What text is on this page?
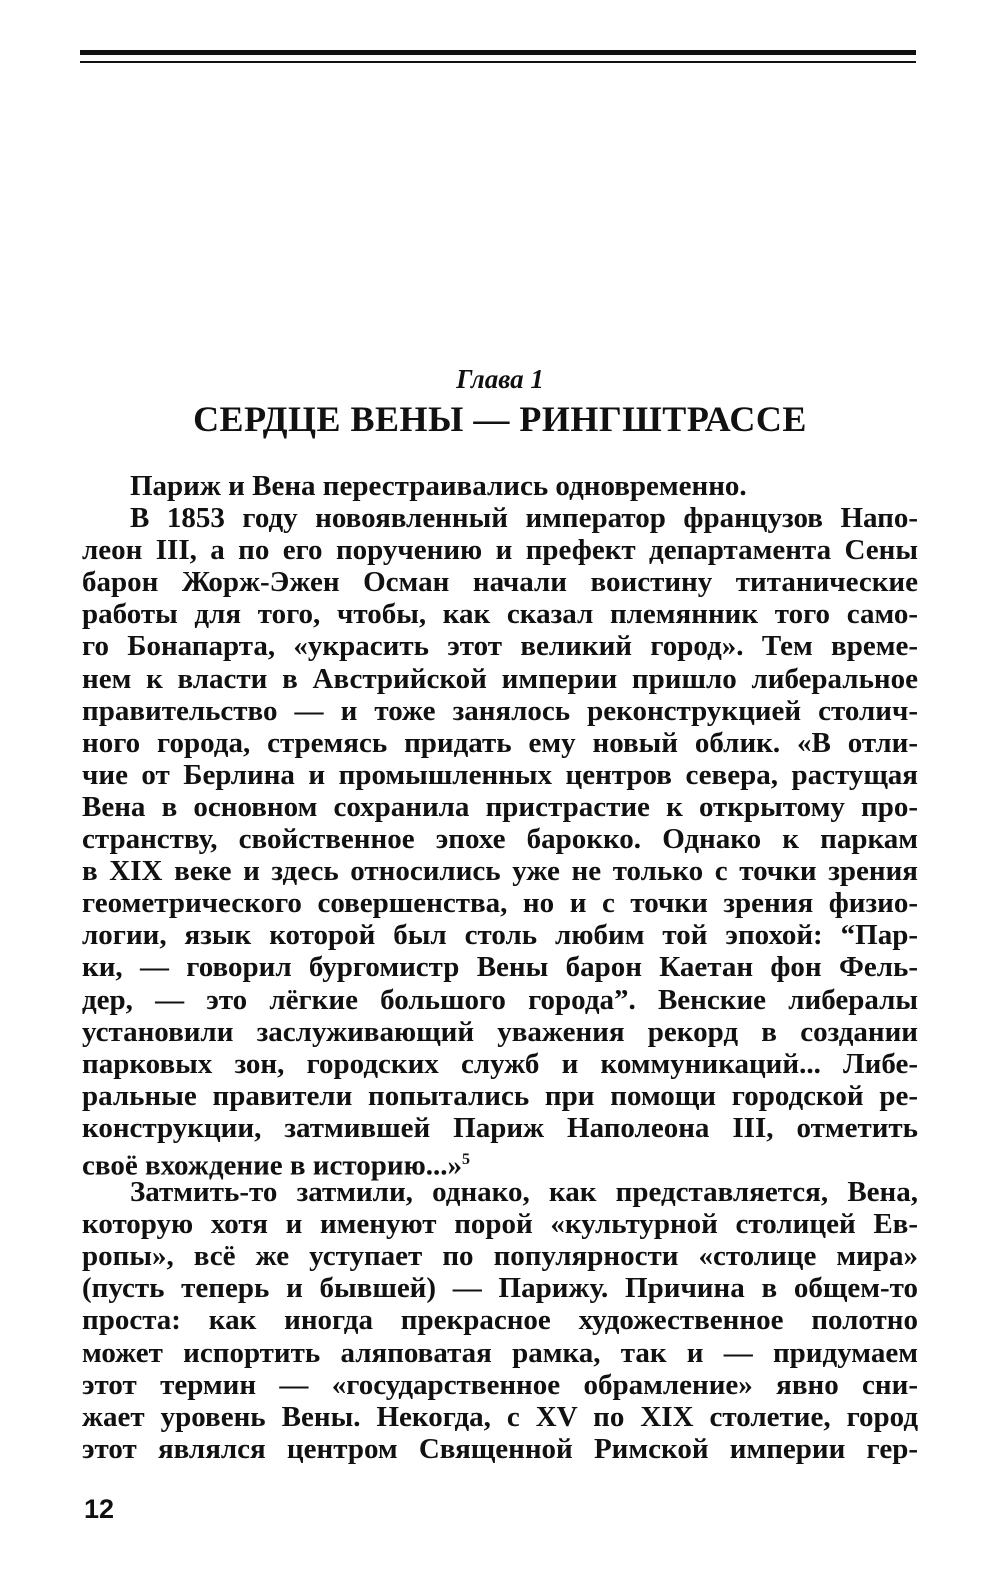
Глава 1
СЕРДЦЕ ВЕНЫ — РИНГШТРАССЕ
Париж и Вена перестраивались одновременно.
В 1853 году новоявленный император французов Напо-
леон III, а по его поручению и префект департамента Сены
барон Жорж-Эжен Осман начали воистину титанические
работы для того, чтобы, как сказал племянник того само-
го Бонапарта, «украсить этот великий город». Тем време-
нем к власти в Австрийской империи пришло либеральное
правительство — и тоже занялось реконструкцией столич-
ного города, стремясь придать ему новый облик. «В отли-
чие от Берлина и промышленных центров севера, растущая
Вена в основном сохранила пристрастие к открытому про-
странству, свойственное эпохе барокко. Однако к паркам
в XIX веке и здесь относились уже не только с точки зрения
геометрического совершенства, но и с точки зрения физио-
логии, язык которой был столь любим той эпохой: “Пар-
ки, — говорил бургомистр Вены барон Каетан фон Фель-
дер, — это лёгкие большого города”. Венские либералы
установили заслуживающий уважения рекорд в создании
парковых зон, городских служб и коммуникаций... Либе-
ральные правители попытались при помощи городской ре-
конструкции, затмившей Париж Наполеона III, отметить
своё вхождение в историю...»$^5$
Затмить-то затмили, однако, как представляется, Вена,
которую хотя и именуют порой «культурной столицей Ев-
ропы», всё же уступает по популярности «столице мира»
(пусть теперь и бывшей) — Парижу. Причина в общем-то
проста: как иногда прекрасное художественное полотно
может испортить аляповатая рамка, так и — придумаем
этот термин — «государственное обрамление» явно сни-
жает уровень Вены. Некогда, с XV по XIX столетие, город
этот являлся центром Священной Римской империи гер-
12
